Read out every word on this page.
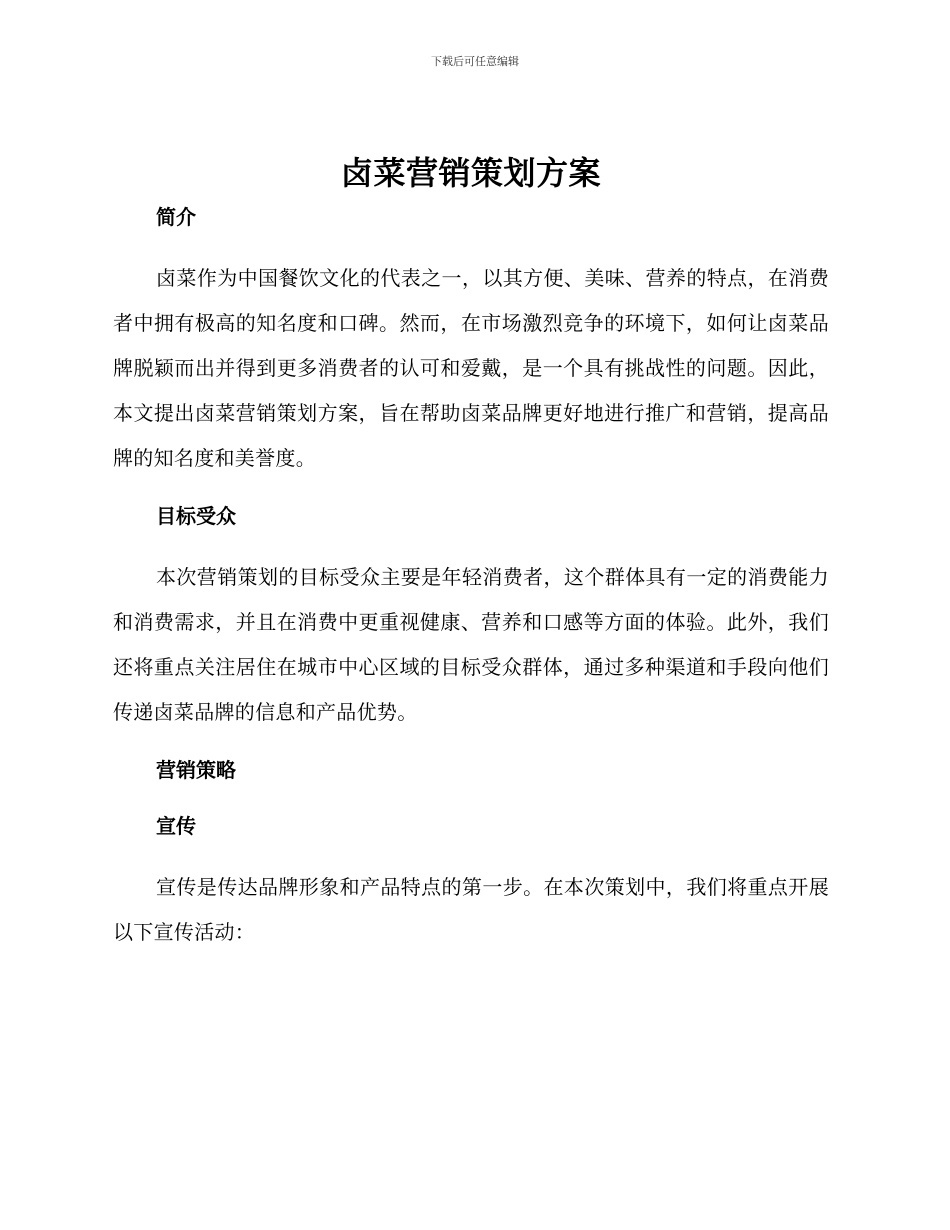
下载后可任意编辑
卤菜营销策划方案
简介

卤菜作为中国餐饮文化的代表之一，以其方便、美味、营养的特点，在消费者中拥有极高的知名度和口碑。然而，在市场激烈竞争的环境下，如何让卤菜品牌脱颖而出并得到更多消费者的认可和爱戴，是一个具有挑战性的问题。因此，本文提出卤菜营销策划方案，旨在帮助卤菜品牌更好地进行推广和营销，提高品牌的知名度和美誉度。

目标受众

本次营销策划的目标受众主要是年轻消费者，这个群体具有一定的消费能力和消费需求，并且在消费中更重视健康、营养和口感等方面的体验。此外，我们还将重点关注居住在城市中心区域的目标受众群体，通过多种渠道和手段向他们传递卤菜品牌的信息和产品优势。

营销策略
宣传

宣传是传达品牌形象和产品特点的第一步。在本次策划中，我们将重点开展以下宣传活动：
